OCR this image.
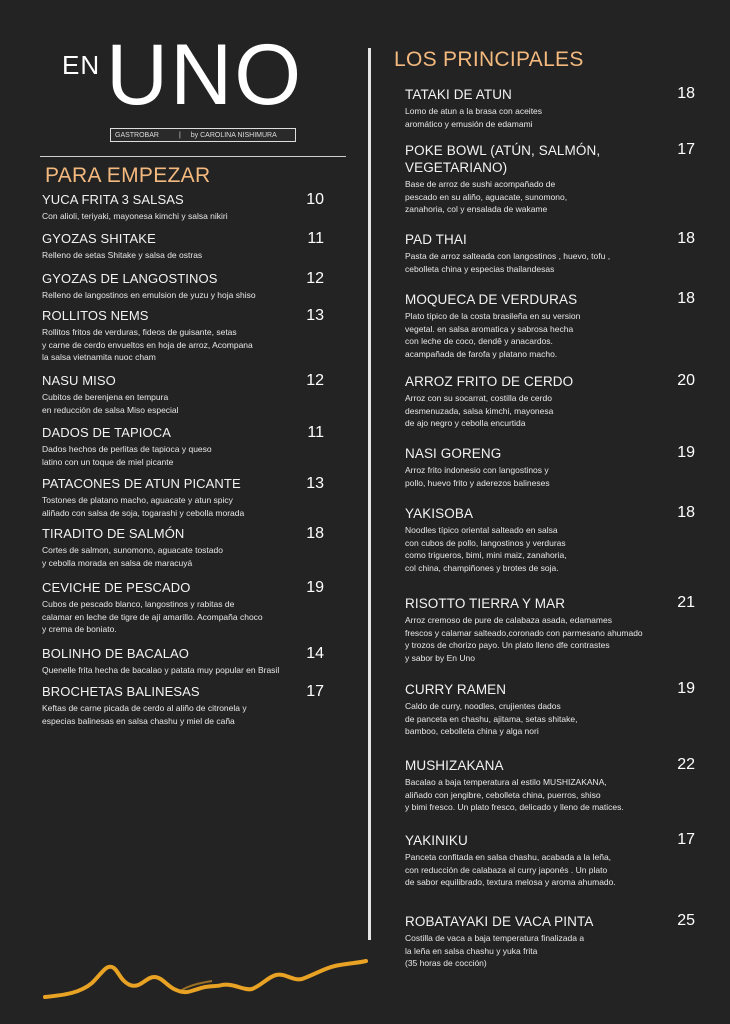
EN UNO
GASTROBAR	| by CAROLINA NISHIMURA
PARA EMPEZAR
YUCA FRITA 3 SALSAS	10
Con alioli, teriyaki, mayonesa kimchi y salsa nikiri
GYOZAS SHITAKE	11
Relleno de setas Shitake y salsa de ostras
GYOZAS DE LANGOSTINOS	12
Relleno de langostinos en emulsion de yuzu y hoja shiso
ROLLITOS NEMS	13
Rollitos fritos de verduras, fideos de guisante, setas
y carne de cerdo envueltos en hoja de arroz, Acompana
la salsa vietnamita nuoc cham
NASU MISO	12
Cubitos de berenjena en tempura
en reducción de salsa Miso especial
DADOS DE TAPIOCA	11
Dados hechos de perlitas de tapioca y queso
latino con un toque de miel picante
PATACONES DE ATUN PICANTE	13
Tostones de platano macho, aguacate y atun spicy
aliñado con salsa de soja, togarashi y cebolla morada
TIRADITO DE SALMÓN	18
Cortes de salmon, sunomono, aguacate tostado
y cebolla morada en salsa de maracuyá
CEVICHE DE PESCADO	19
Cubos de pescado blanco, langostinos y rabitas de
calamar en leche de tigre de ají amarillo. Acompaña choco
y crema de boniato.
BOLINHO DE BACALAO	14
Quenelle frita hecha de bacalao y patata muy popular en Brasil
BROCHETAS BALINESAS	17
Keftas de carne picada de cerdo al aliño de citronela y
especias balinesas en salsa chashu y miel de caña
LOS PRINCIPALES
TATAKI DE ATUN	18
Lomo de atun a la brasa con aceites
aromático y emusión de edamami
POKE BOWL (ATÚN, SALMÓN,
VEGETARIANO)
17
Base de arroz de sushi acompañado de
pescado en su aliño, aguacate, sunomono,
zanahoria, col y ensalada de wakame
PAD THAI	18
Pasta de arroz salteada con langostinos , huevo, tofu ,
cebolleta china y especias thailandesas
MOQUECA DE VERDURAS	18
Plato típico de la costa brasileña en su version
vegetal. en salsa aromatica y sabrosa hecha
con leche de coco, dendê y anacardos.
acampañada de farofa y platano macho.
ARROZ FRITO DE CERDO	20
Arroz con su socarrat, costilla de cerdo
desmenuzada, salsa kimchi, mayonesa
de ajo negro y cebolla encurtida
NASI GORENG	19
Arroz frito indonesio con langostinos y
pollo, huevo frito y aderezos balineses
YAKISOBA	18
Noodles típico oriental salteado en salsa
con cubos de pollo, langostinos y verduras
como trigueros, bimi, mini maiz, zanahoria,
col china, champiñones y brotes de soja.
RISOTTO TIERRA Y MAR	21
Arroz cremoso de pure de calabaza asada, edamames
frescos y calamar salteado,coronado con parmesano ahumado
y trozos de chorizo payo. Un plato lleno dfe contrastes
y sabor by En Uno
CURRY RAMEN	19
Caldo de curry, noodles, crujientes dados
de panceta en chashu, ajitama, setas shitake,
bamboo, cebolleta china y alga nori
MUSHIZAKANA	22
Bacalao a baja temperatura al estilo MUSHIZAKANA,
aliñado con jengibre, cebolleta china, puerros, shiso
y bimi fresco. Un plato fresco, delicado y lleno de matices.
YAKINIKU	17
Panceta confitada en salsa chashu, acabada a la leña,
con reducción de calabaza al curry japonés . Un plato
de sabor equilibrado, textura melosa y aroma ahumado.
ROBATAYAKI DE VACA PINTA	25
Costilla de vaca a baja temperatura finalizada a
la leña en salsa chashu y yuka frita
(35 horas de cocción)
